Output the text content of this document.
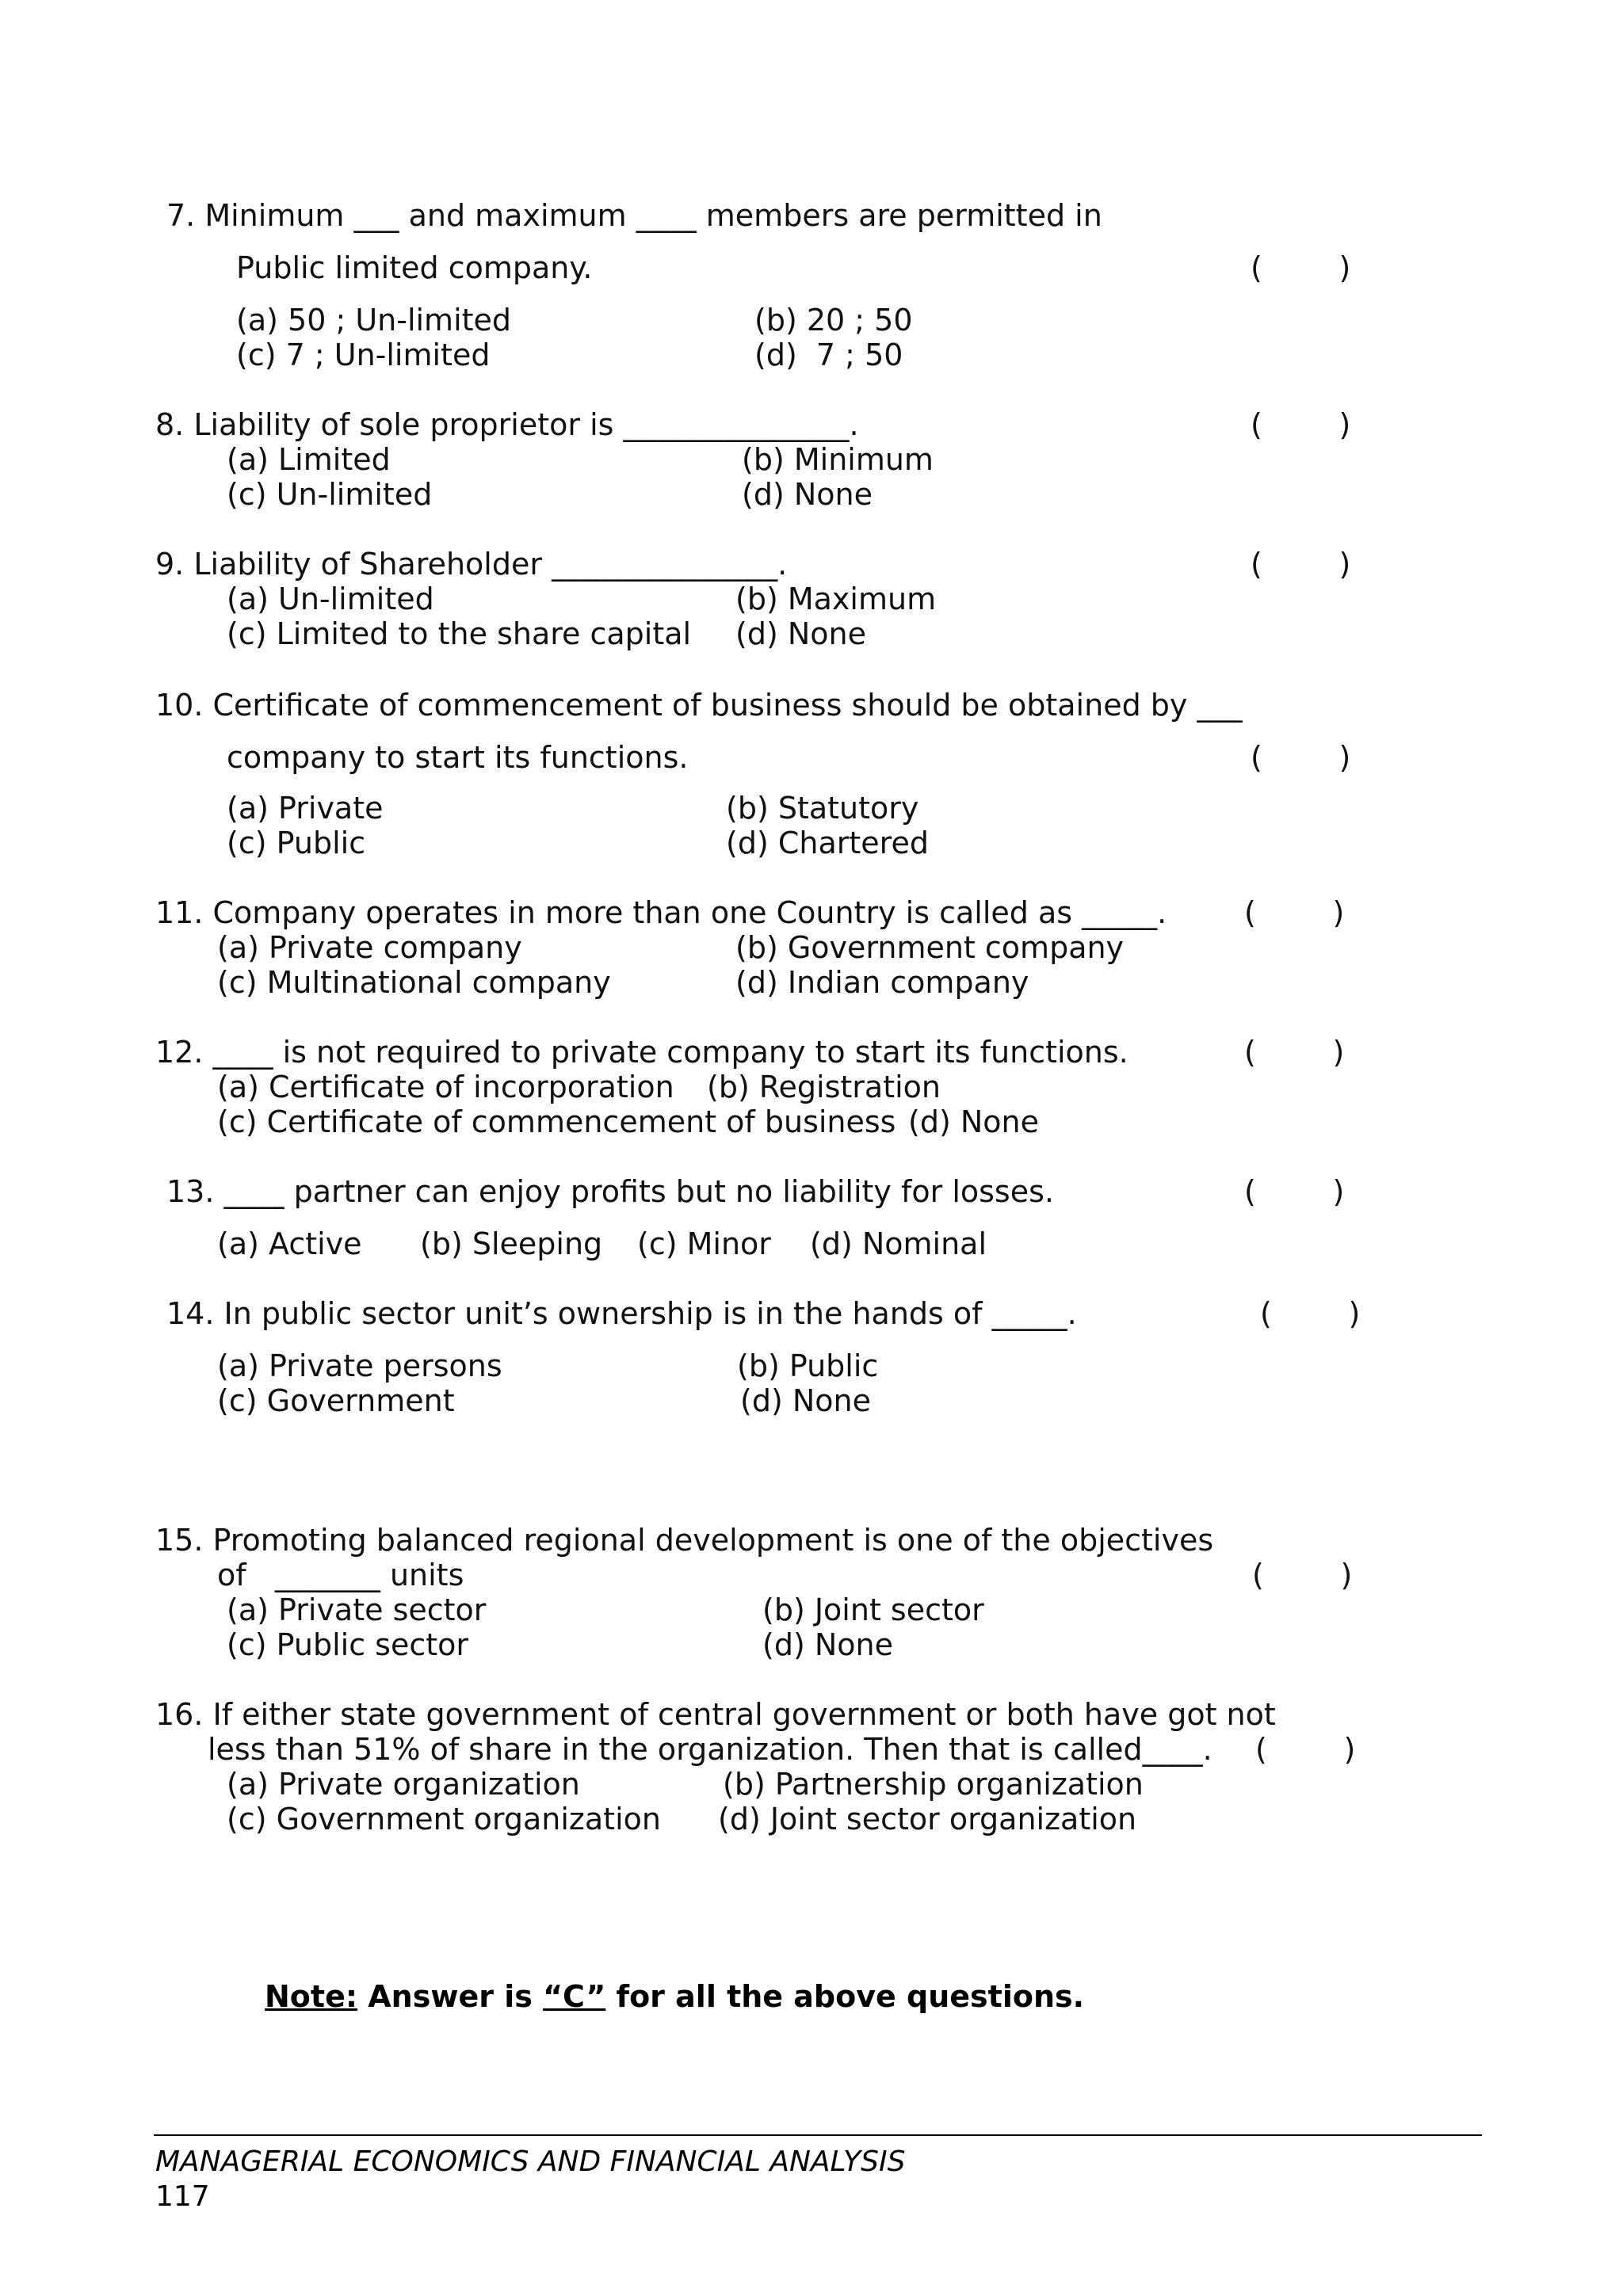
7. Minimum ___ and maximum ____ members are permitted in
Public limited company.	(        )
(a) 50 ; Un-limited	(b) 20 ; 50
(c) 7 ; Un-limited	(d)  7 ; 50
8. Liability of sole proprietor is _______________.	(        )
(a) Limited	(b) Minimum
(c) Un-limited	(d) None
9. Liability of Shareholder _______________.	(        )
(a) Un-limited	(b) Maximum
(c) Limited to the share capital (d) None
10. Certificate of commencement of business should be obtained by ___
company to start its functions.	(        )
(a) Private	(b) Statutory
(c) Public	(d) Chartered
11. Company operates in more than one Country is called as _____.	(        )
(a) Private company	(b) Government company
(c) Multinational company	(d) Indian company
12. ____ is not required to private company to start its functions.	(        )
(a) Certificate of incorporation (b) Registration
(c) Certificate of commencement of business (d) None
13. ____ partner can enjoy profits but no liability for losses.	(        )
(a) Active (b) Sleeping (c) Minor (d) Nominal
14. In public sector unit’s ownership is in the hands of _____.	(        )
(a) Private persons	(b) Public
(c) Government	(d) None
15. Promoting balanced regional development is one of the objectives
of   _______ units	(        )
(a) Private sector	(b) Joint sector
(c) Public sector	(d) None
16. If either state government of central government or both have got not
less than 51% of share in the organization. Then that is called____. (        )
(a) Private organization	(b) Partnership organization
(c) Government organization (d) Joint sector organization
Note: Answer is “C” for all the above questions.
MANAGERIAL ECONOMICS AND FINANCIAL ANALYSIS
117
